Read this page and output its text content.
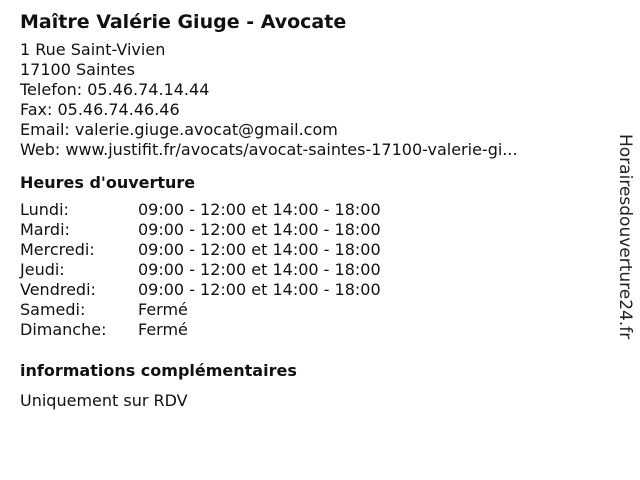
Maître Valérie Giuge - Avocate
1 Rue Saint-Vivien
17100 Saintes
Telefon: 05.46.74.14.44
Fax: 05.46.74.46.46
Email: valerie.giuge.avocat@gmail.com
Web: www.justifit.fr/avocats/avocat-saintes-17100-valerie-gi...
Heures d'ouverture
Lundi:	09:00 - 12:00 et 14:00 - 18:00
Mardi:	09:00 - 12:00 et 14:00 - 18:00
Mercredi:	09:00 - 12:00 et 14:00 - 18:00
Jeudi:	09:00 - 12:00 et 14:00 - 18:00
Vendredi:	09:00 - 12:00 et 14:00 - 18:00
Samedi:	Fermé
Dimanche:	Fermé
informations complémentaires
Uniquement sur RDV
Horairesdouverture24.fr
